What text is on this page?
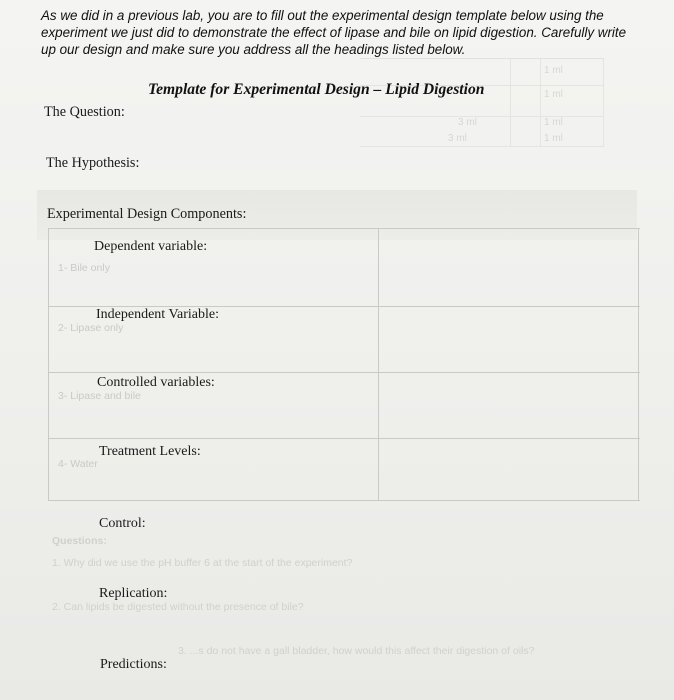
1 ml
1 ml
3 ml	1 ml
3 ml	1 ml
As we did in a previous lab, you are to fill out the experimental design template below using the experiment we just did to demonstrate the effect of lipase and bile on lipid digestion. Carefully write up our design and make sure you address all the headings listed below.
Template for Experimental Design – Lipid Digestion
The Question:
The Hypothesis:
Experimental Design Components:
1- Bile only
2- Lipase only
3- Lipase and bile
4- Water
Dependent variable:
Independent Variable:
Controlled variables:
Treatment Levels:
Control:
Questions:
1. Why did we use the pH buffer 6 at the start of the experiment?
Replication:
2. Can lipids be digested without the presence of bile?
3. ...s do not have a gall bladder, how would this affect their digestion of oils?
Predictions:
